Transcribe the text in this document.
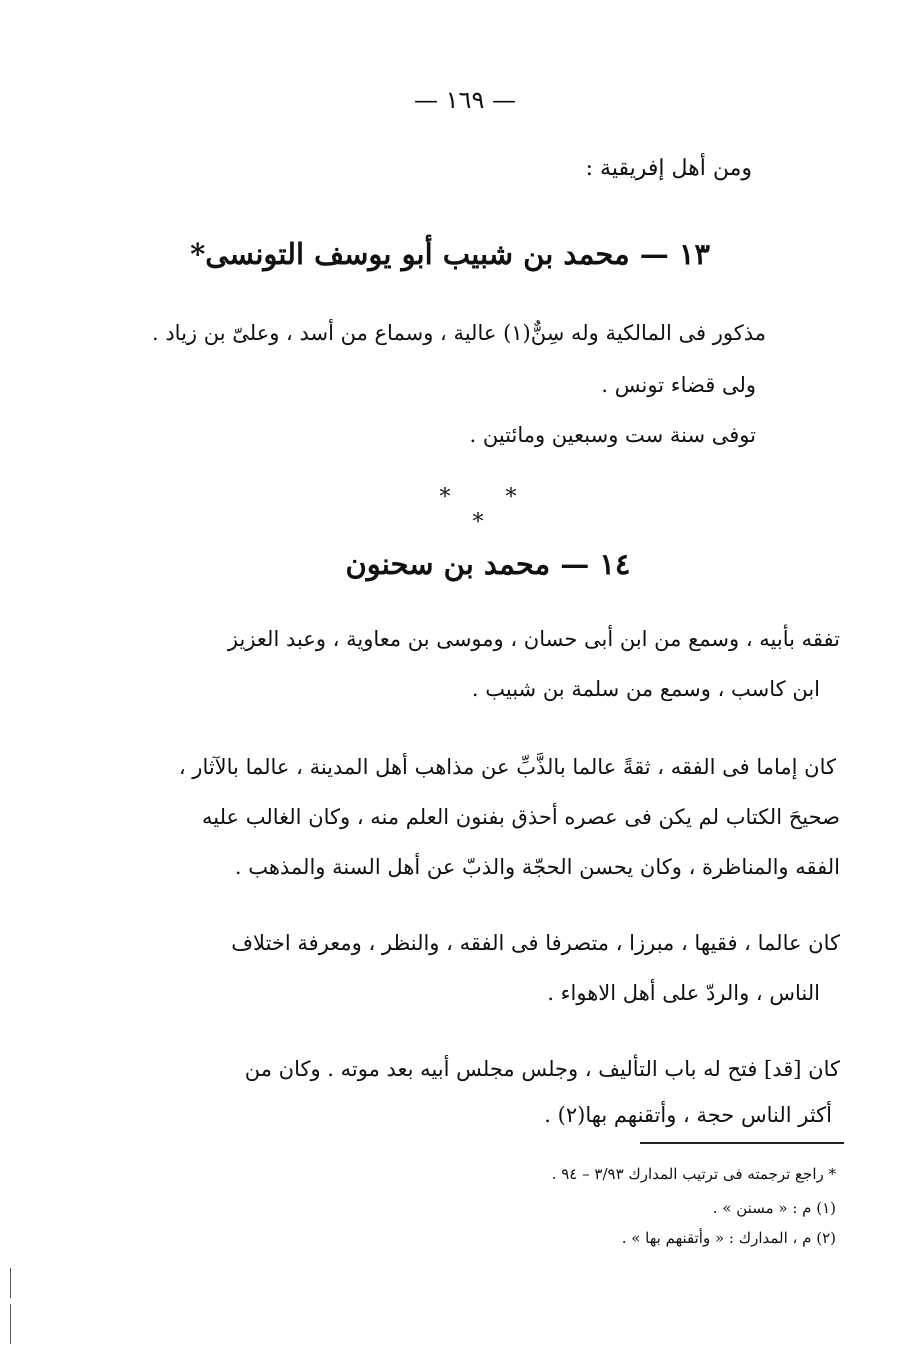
— ١٦٩ —
ومن أهل إفريقية :
١٣ — محمد بن شبيب أبو يوسف التونسى*
مذكور فى المالكية وله سِنٌّ(١) عالية ، وسماع من أسد ، وعلىّ بن زياد .
ولى قضاء تونس .
توفى سنة ست وسبعين ومائتين .
* * *
١٤ — محمد بن سحنون
تفقه بأبيه ، وسمع من ابن أبى حسان ، وموسى بن معاوية ، وعبد العزيز
ابن كاسب ، وسمع من سلمة بن شبيب .
كان إماما فى الفقه ، ثقةً عالما بالذَّبِّ عن مذاهب أهل المدينة ، عالما بالآثار ،
صحيحَ الكتاب لم يكن فى عصره أحذق بفنون العلم منه ، وكان الغالب عليه
الفقه والمناظرة ، وكان يحسن الحجّة والذبّ عن أهل السنة والمذهب .
كان عالما ، فقيها ، مبرزا ، متصرفا فى الفقه ، والنظر ، ومعرفة اختلاف
الناس ، والردّ على أهل الاهواء .
كان [قد] فتح له باب التأليف ، وجلس مجلس أبيه بعد موته . وكان من
أكثر الناس حجة ، وأتقنهم بها(٢) .
* راجع ترجمته فى ترتيب المدارك ٣/٩٣ – ٩٤ .
(١) م : « مسنن » .
(٢) م ، المدارك : « وأتقنهم بها » .
